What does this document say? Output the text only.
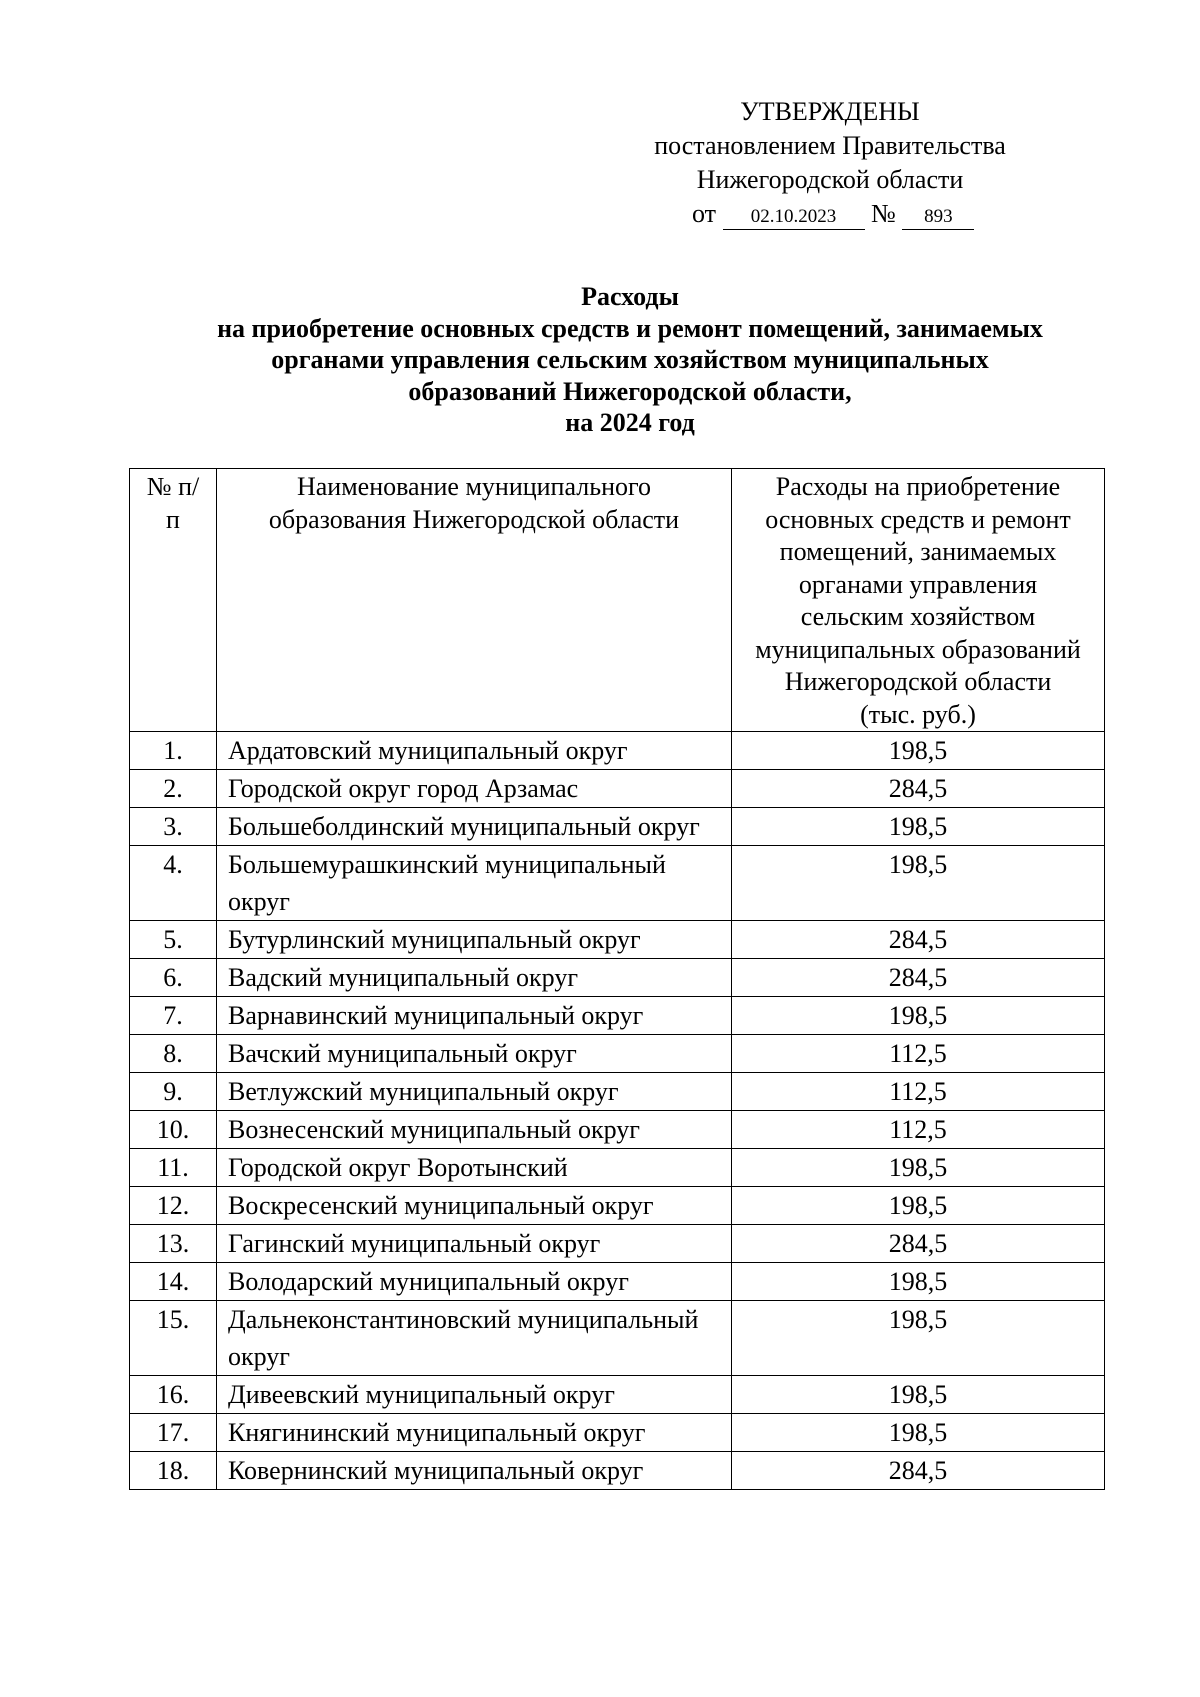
УТВЕРЖДЕНЫ
постановлением Правительства
Нижегородской области
от 02.10.2023 № 893
Расходы
на приобретение основных средств и ремонт помещений, занимаемых
органами управления сельским хозяйством муниципальных
образований Нижегородской области,
на 2024 год
№ п/п	Наименование муниципального образования Нижегородской области	Расходы на приобретение основных средств и ремонт помещений, занимаемых органами управления сельским хозяйством муниципальных образований Нижегородской области (тыс. руб.)
1.	Ардатовский муниципальный округ	198,5
2.	Городской округ город Арзамас	284,5
3.	Большеболдинский муниципальный округ	198,5
4.	Большемурашкинский муниципальный округ	198,5
5.	Бутурлинский муниципальный округ	284,5
6.	Вадский муниципальный округ	284,5
7.	Варнавинский муниципальный округ	198,5
8.	Вачский муниципальный округ	112,5
9.	Ветлужский муниципальный округ	112,5
10.	Вознесенский муниципальный округ	112,5
11.	Городской округ Воротынский	198,5
12.	Воскресенский муниципальный округ	198,5
13.	Гагинский муниципальный округ	284,5
14.	Володарский муниципальный округ	198,5
15.	Дальнеконстантиновский муниципальный округ	198,5
16.	Дивеевский муниципальный округ	198,5
17.	Княгининский муниципальный округ	198,5
18.	Ковернинский муниципальный округ	284,5
